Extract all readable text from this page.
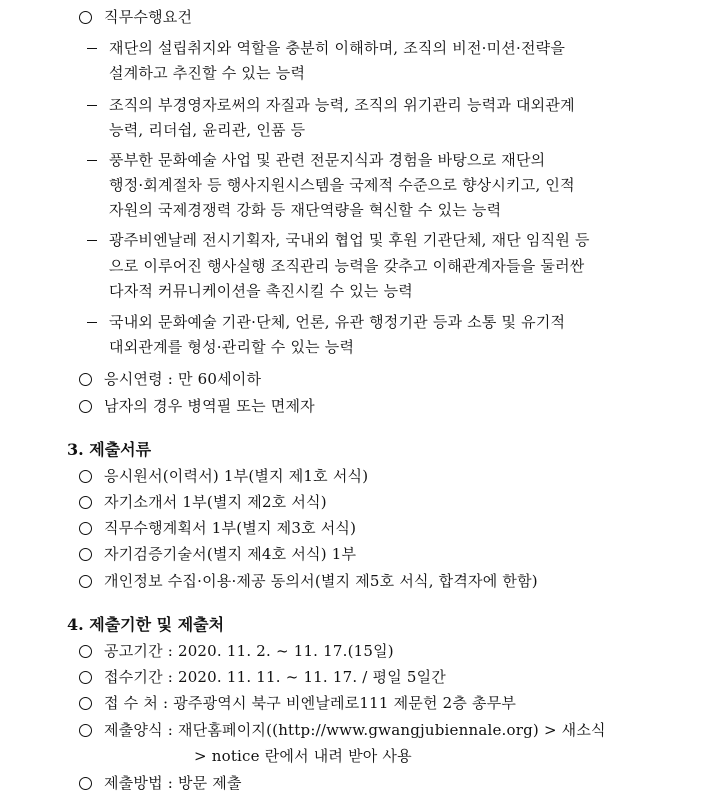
직무수행요건
재단의 설립취지와 역할을 충분히 이해하며, 조직의 비전·미션·전략을
설계하고 추진할 수 있는 능력
조직의 부경영자로써의 자질과 능력, 조직의 위기관리 능력과 대외관계
능력, 리더쉽, 윤리관, 인품 등
풍부한 문화예술 사업 및 관련 전문지식과 경험을 바탕으로 재단의
행정·회계절차 등 행사지원시스템을 국제적 수준으로 향상시키고, 인적
자원의 국제경쟁력 강화 등 재단역량을 혁신할 수 있는 능력
광주비엔날레 전시기획자, 국내외 협업 및 후원 기관단체, 재단 임직원 등
으로 이루어진 행사실행 조직관리 능력을 갖추고 이해관계자들을 둘러싼
다자적 커뮤니케이션을 촉진시킬 수 있는 능력
국내외 문화예술 기관·단체, 언론, 유관 행정기관 등과 소통 및 유기적
대외관계를 형성·관리할 수 있는 능력
응시연령 : 만 60세이하
남자의 경우 병역필 또는 면제자
3. 제출서류
응시원서(이력서) 1부(별지 제1호 서식)
자기소개서 1부(별지 제2호 서식)
직무수행계획서 1부(별지 제3호 서식)
자기검증기술서(별지 제4호 서식) 1부
개인정보 수집·이용·제공 동의서(별지 제5호 서식, 합격자에 한함)
4. 제출기한 및 제출처
공고기간 : 2020. 11. 2. ~ 11. 17.(15일)
접수기간 : 2020. 11. 11. ~ 11. 17. / 평일 5일간
접 수 처 : 광주광역시 북구 비엔날레로111 제문헌 2층 총무부
제출양식 : 재단홈페이지((http://www.gwangjubiennale.org) > 새소식
> notice 란에서 내려 받아 사용
제출방법 : 방문 제출
